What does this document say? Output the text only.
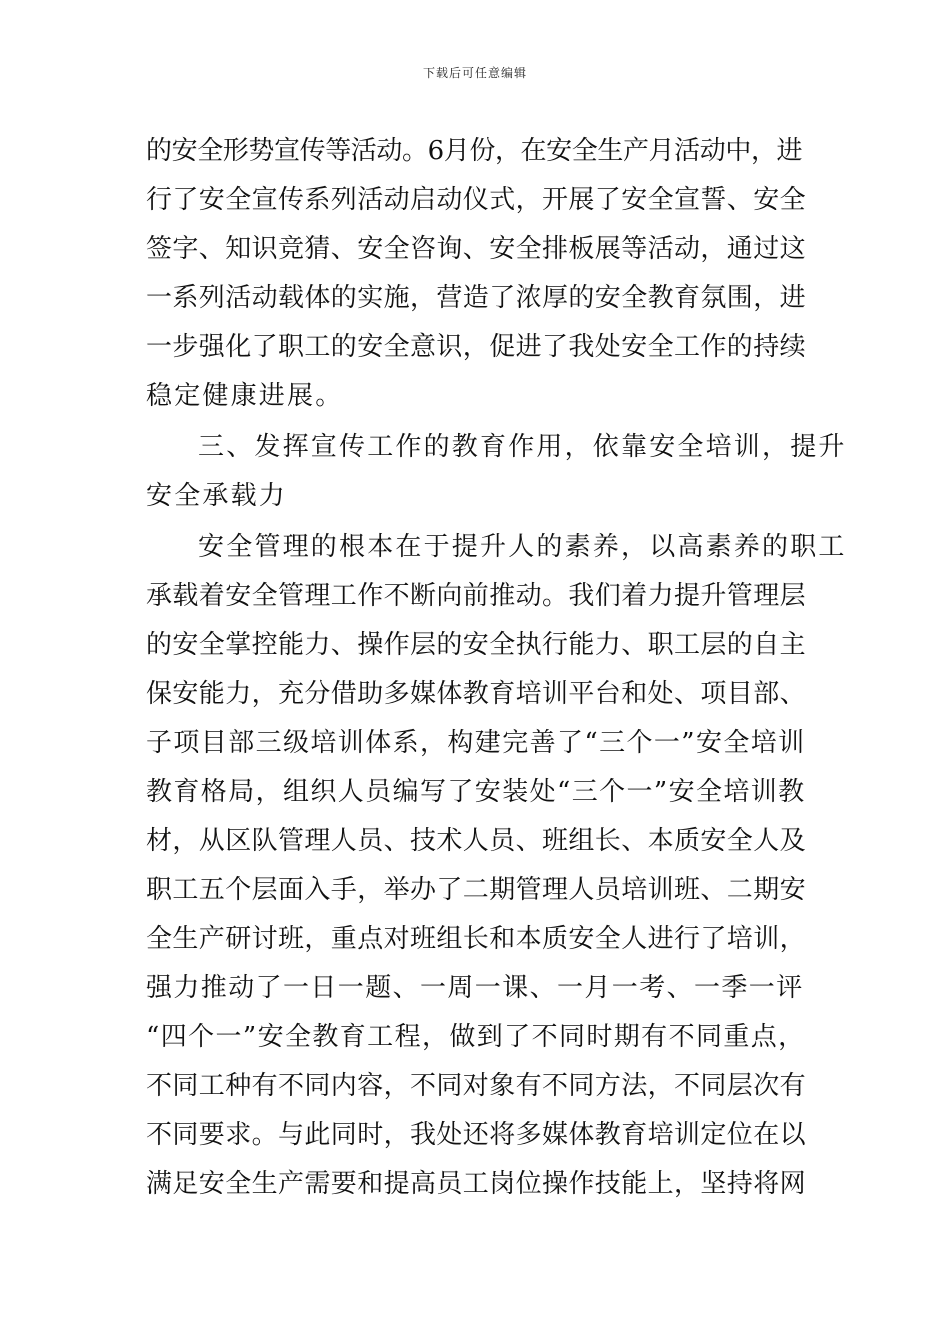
下载后可任意编辑
的安全形势宣传等活动。6月份，在安全生产月活动中，进
行了安全宣传系列活动启动仪式，开展了安全宣誓、安全
签字、知识竞猜、安全咨询、安全排板展等活动，通过这
一系列活动载体的实施，营造了浓厚的安全教育氛围，进
一步强化了职工的安全意识，促进了我处安全工作的持续
稳定健康进展。
三、发挥宣传工作的教育作用，依靠安全培训，提升
安全承载力
安全管理的根本在于提升人的素养，以高素养的职工
承载着安全管理工作不断向前推动。我们着力提升管理层
的安全掌控能力、操作层的安全执行能力、职工层的自主
保安能力，充分借助多媒体教育培训平台和处、项目部、
子项目部三级培训体系，构建完善了“三个一”安全培训
教育格局，组织人员编写了安装处“三个一”安全培训教
材，从区队管理人员、技术人员、班组长、本质安全人及
职工五个层面入手，举办了二期管理人员培训班、二期安
全生产研讨班，重点对班组长和本质安全人进行了培训，
强力推动了一日一题、一周一课、一月一考、一季一评
“四个一”安全教育工程，做到了不同时期有不同重点，
不同工种有不同内容，不同对象有不同方法，不同层次有
不同要求。与此同时，我处还将多媒体教育培训定位在以
满足安全生产需要和提高员工岗位操作技能上，坚持将网
